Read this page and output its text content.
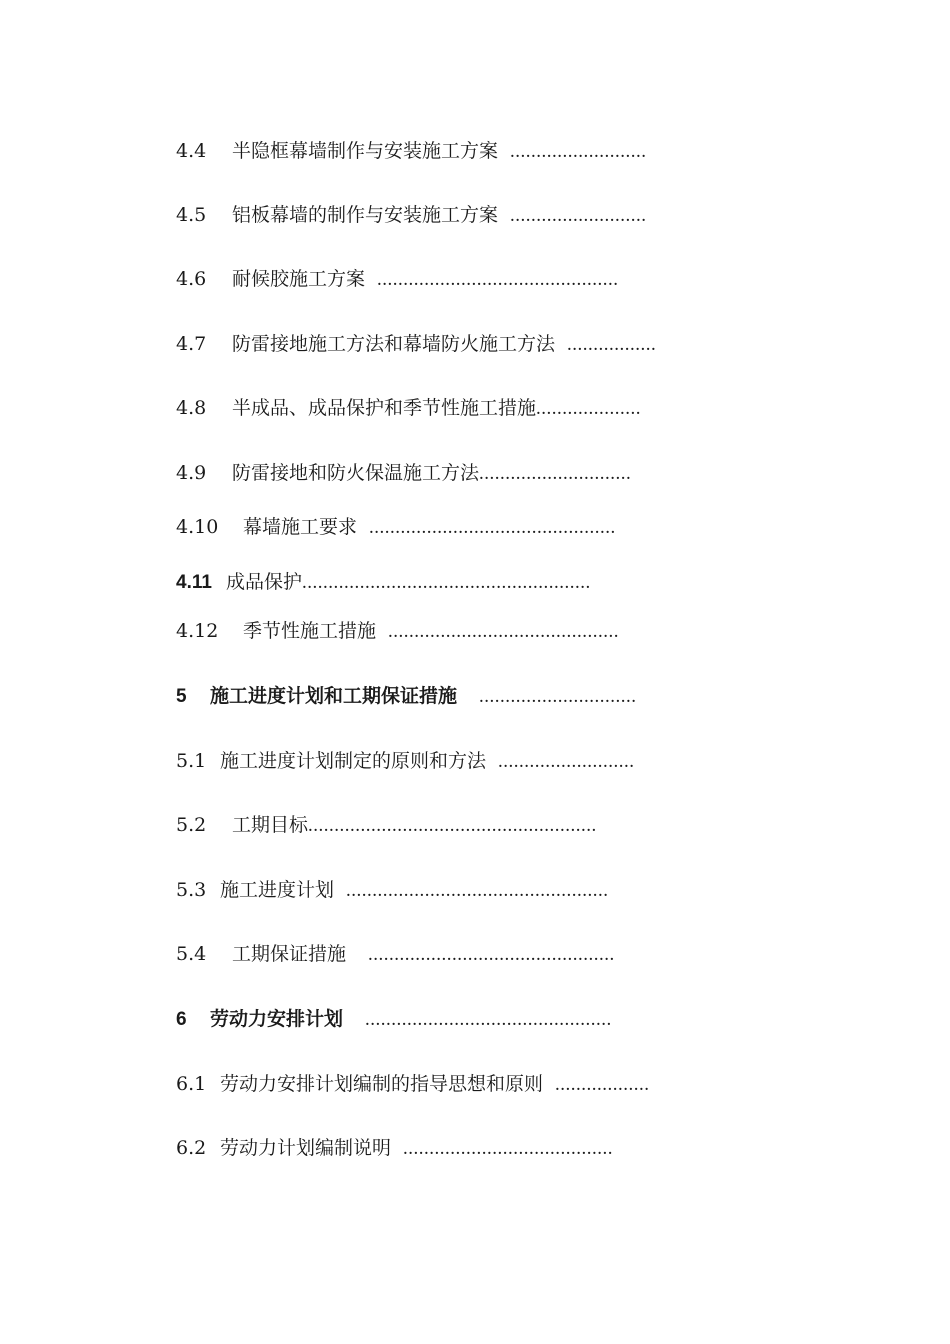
4.4 半隐框幕墙制作与安装施工方案 ..........................
4.5 铝板幕墙的制作与安装施工方案 ..........................
4.6 耐候胶施工方案 ..............................................
4.7 防雷接地施工方法和幕墙防火施工方法 .................
4.8 半成品、成品保护和季节性施工措施....................
4.9 防雷接地和防火保温施工方法.............................
4.10 幕墙施工要求 ...............................................
4.11 成品保护.......................................................
4.12 季节性施工措施 ............................................
5 施工进度计划和工期保证措施 ..............................
5.1 施工进度计划制定的原则和方法 ..........................
5.2 工期目标.......................................................
5.3 施工进度计划 ..................................................
5.4 工期保证措施 ...............................................
6 劳动力安排计划 ...............................................
6.1 劳动力安排计划编制的指导思想和原则 ..................
6.2 劳动力计划编制说明 ........................................
